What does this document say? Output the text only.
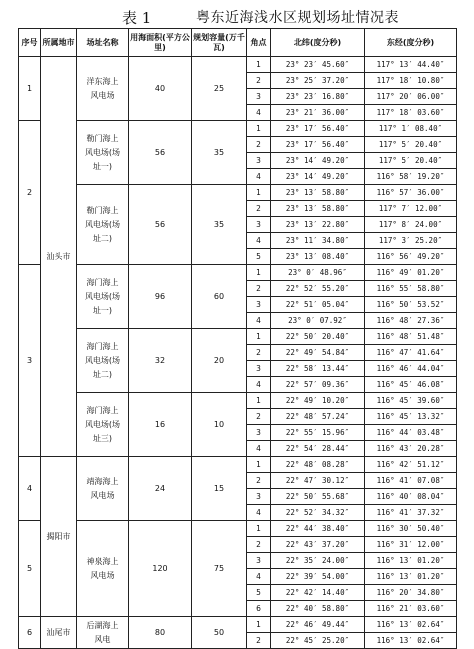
表 1	粤东近海浅水区规划场址情况表
序号	所属地市	场址名称	用海面积(平方公里)	规划容量(万千瓦)	角点	北纬(度分秒)	东经(度分秒)
1	汕头市	洋东海上风电场	40	25	1	23° 23′ 45.60″	117° 13′ 44.40″
					2	23° 25′ 37.20″	117° 18′ 10.80″
					3	23° 23′ 16.80″	117° 20′ 06.00″
					4	23° 21′ 36.00″	117° 18′ 03.60″
2		勒门海上风电场(场址一)	56	35	1	23° 17′ 56.40″	117° 1′ 08.40″
					2	23° 17′ 56.40″	117° 5′ 20.40″
					3	23° 14′ 49.20″	117° 5′ 20.40″
					4	23° 14′ 49.20″	116° 58′ 19.20″
		勒门海上风电场(场址二)	56	35	1	23° 13′ 58.80″	116° 57′ 36.00″
					2	23° 13′ 58.80″	117° 7′ 12.00″
					3	23° 13′ 22.80″	117° 8′ 24.00″
					4	23° 11′ 34.80″	117° 3′ 25.20″
					5	23° 13′ 08.40″	116° 56′ 49.20″
3		海门海上风电场(场址一)	96	60	1	23° 0′ 48.96″	116° 49′ 01.20″
					2	22° 52′ 55.20″	116° 55′ 58.80″
					3	22° 51′ 05.04″	116° 50′ 53.52″
					4	23° 0′ 07.92″	116° 48′ 27.36″
		海门海上风电场(场址二)	32	20	1	22° 50′ 20.40″	116° 48′ 51.48″
					2	22° 49′ 54.84″	116° 47′ 41.64″
					3	22° 58′ 13.44″	116° 46′ 44.04″
					4	22° 57′ 09.36″	116° 45′ 46.08″
		海门海上风电场(场址三)	16	10	1	22° 49′ 10.20″	116° 45′ 39.60″
					2	22° 48′ 57.24″	116° 45′ 13.32″
					3	22° 55′ 15.96″	116° 44′ 03.48″
					4	22° 54′ 28.44″	116° 43′ 20.28″
4	揭阳市	靖海海上风电场	24	15	1	22° 48′ 08.28″	116° 42′ 51.12″
					2	22° 47′ 30.12″	116° 41′ 07.08″
					3	22° 50′ 55.68″	116° 40′ 08.04″
					4	22° 52′ 34.32″	116° 41′ 37.32″
5		神泉海上风电场	120	75	1	22° 44′ 38.40″	116° 30′ 50.40″
					2	22° 43′ 37.20″	116° 31′ 12.00″
					3	22° 35′ 24.00″	116° 13′ 01.20″
					4	22° 39′ 54.00″	116° 13′ 01.20″
					5	22° 42′ 14.40″	116° 20′ 34.80″
					6	22° 40′ 58.80″	116° 21′ 03.60″
6	汕尾市	后湖海上风电	80	50	1	22° 46′ 49.44″	116° 13′ 02.64″
					2	22° 45′ 25.20″	116° 13′ 02.64″
